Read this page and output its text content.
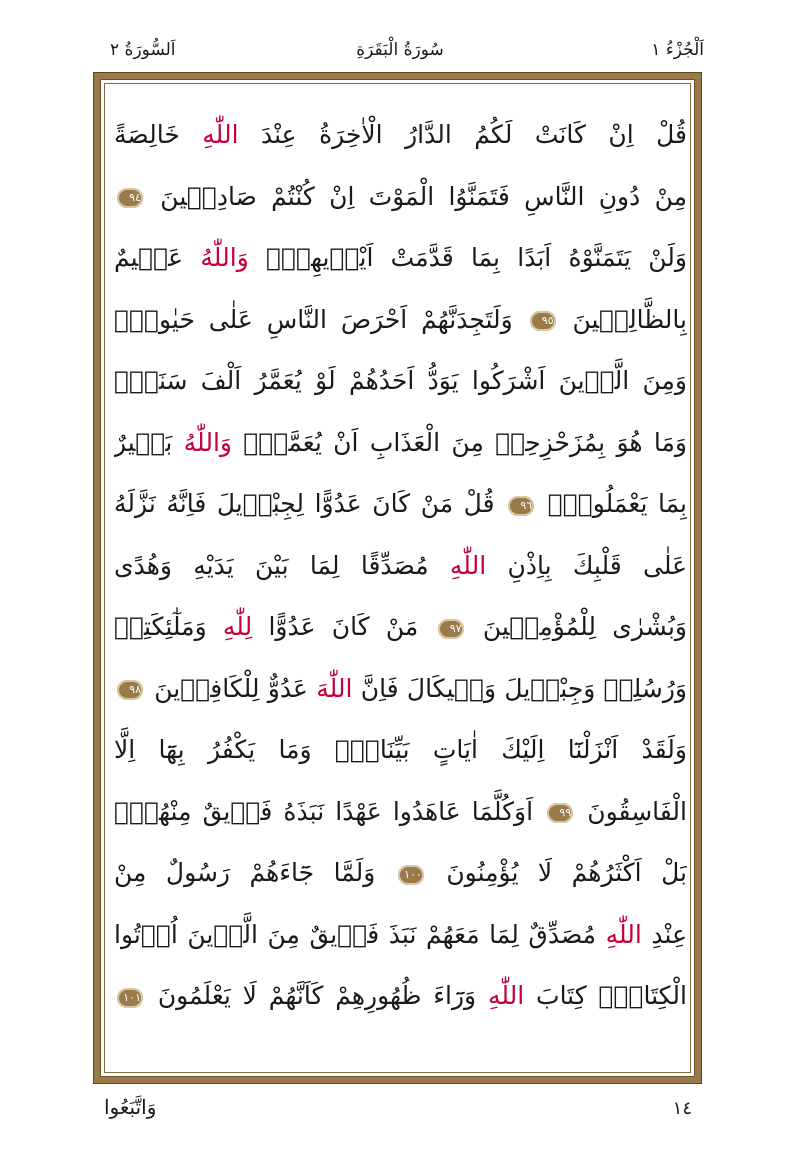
اَلْجُزْءُ ١
سُورَةُ الْبَقَرَةِ
اَلسُّورَةُ ٢
قُلْ اِنْ كَانَتْ لَكُمُ الدَّارُ الْاٰخِرَةُ عِنْدَ اللّٰهِ خَالِصَةً
مِنْ دُونِ النَّاسِ فَتَمَنَّوُا الْمَوْتَ اِنْ كُنْتُمْ صَادِقٖينَ ٩٤
وَلَنْ يَتَمَنَّوْهُ اَبَدًا بِمَا قَدَّمَتْ اَيْدٖيهِمْۜ وَاللّٰهُ عَلٖيمٌ
بِالظَّالِمٖينَ ٩٥ وَلَتَجِدَنَّهُمْ اَحْرَصَ النَّاسِ عَلٰى حَيٰوةٍۚ
وَمِنَ الَّذٖينَ اَشْرَكُوا يَوَدُّ اَحَدُهُمْ لَوْ يُعَمَّرُ اَلْفَ سَنَةٍۚ
وَمَا هُوَ بِمُزَحْزِحِهٖ مِنَ الْعَذَابِ اَنْ يُعَمَّرَۜ وَاللّٰهُ بَصٖيرٌ
بِمَا يَعْمَلُونَ۟ ٩٦ قُلْ مَنْ كَانَ عَدُوًّا لِجِبْرٖيلَ فَاِنَّهُ نَزَّلَهُ
عَلٰى قَلْبِكَ بِاِذْنِ اللّٰهِ مُصَدِّقًا لِمَا بَيْنَ يَدَيْهِ وَهُدًى
وَبُشْرٰى لِلْمُؤْمِنٖينَ ٩٧ مَنْ كَانَ عَدُوًّا لِلّٰهِ وَمَلٰٓئِكَتِهٖ
وَرُسُلِهٖ وَجِبْرٖيلَ وَمٖيكَالَ فَاِنَّ اللّٰهَ عَدُوٌّ لِلْكَافِرٖينَ ٩٨
وَلَقَدْ اَنْزَلْنَٓا اِلَيْكَ اٰيَاتٍ بَيِّنَاتٍۚ وَمَا يَكْفُرُ بِهَٓا اِلَّا
الْفَاسِقُونَ ٩٩ اَوَكُلَّمَا عَاهَدُوا عَهْدًا نَبَذَهُ فَرٖيقٌ مِنْهُمْۜ
بَلْ اَكْثَرُهُمْ لَا يُؤْمِنُونَ ١٠٠ وَلَمَّا جَٓاءَهُمْ رَسُولٌ مِنْ
عِنْدِ اللّٰهِ مُصَدِّقٌ لِمَا مَعَهُمْ نَبَذَ فَرٖيقٌ مِنَ الَّذٖينَ اُو۫تُوا
الْكِتَابَۙ كِتَابَ اللّٰهِ وَرَٓاءَ ظُهُورِهِمْ كَاَنَّهُمْ لَا يَعْلَمُونَ ١٠١
١٤
وَاتَّبَعُوا
